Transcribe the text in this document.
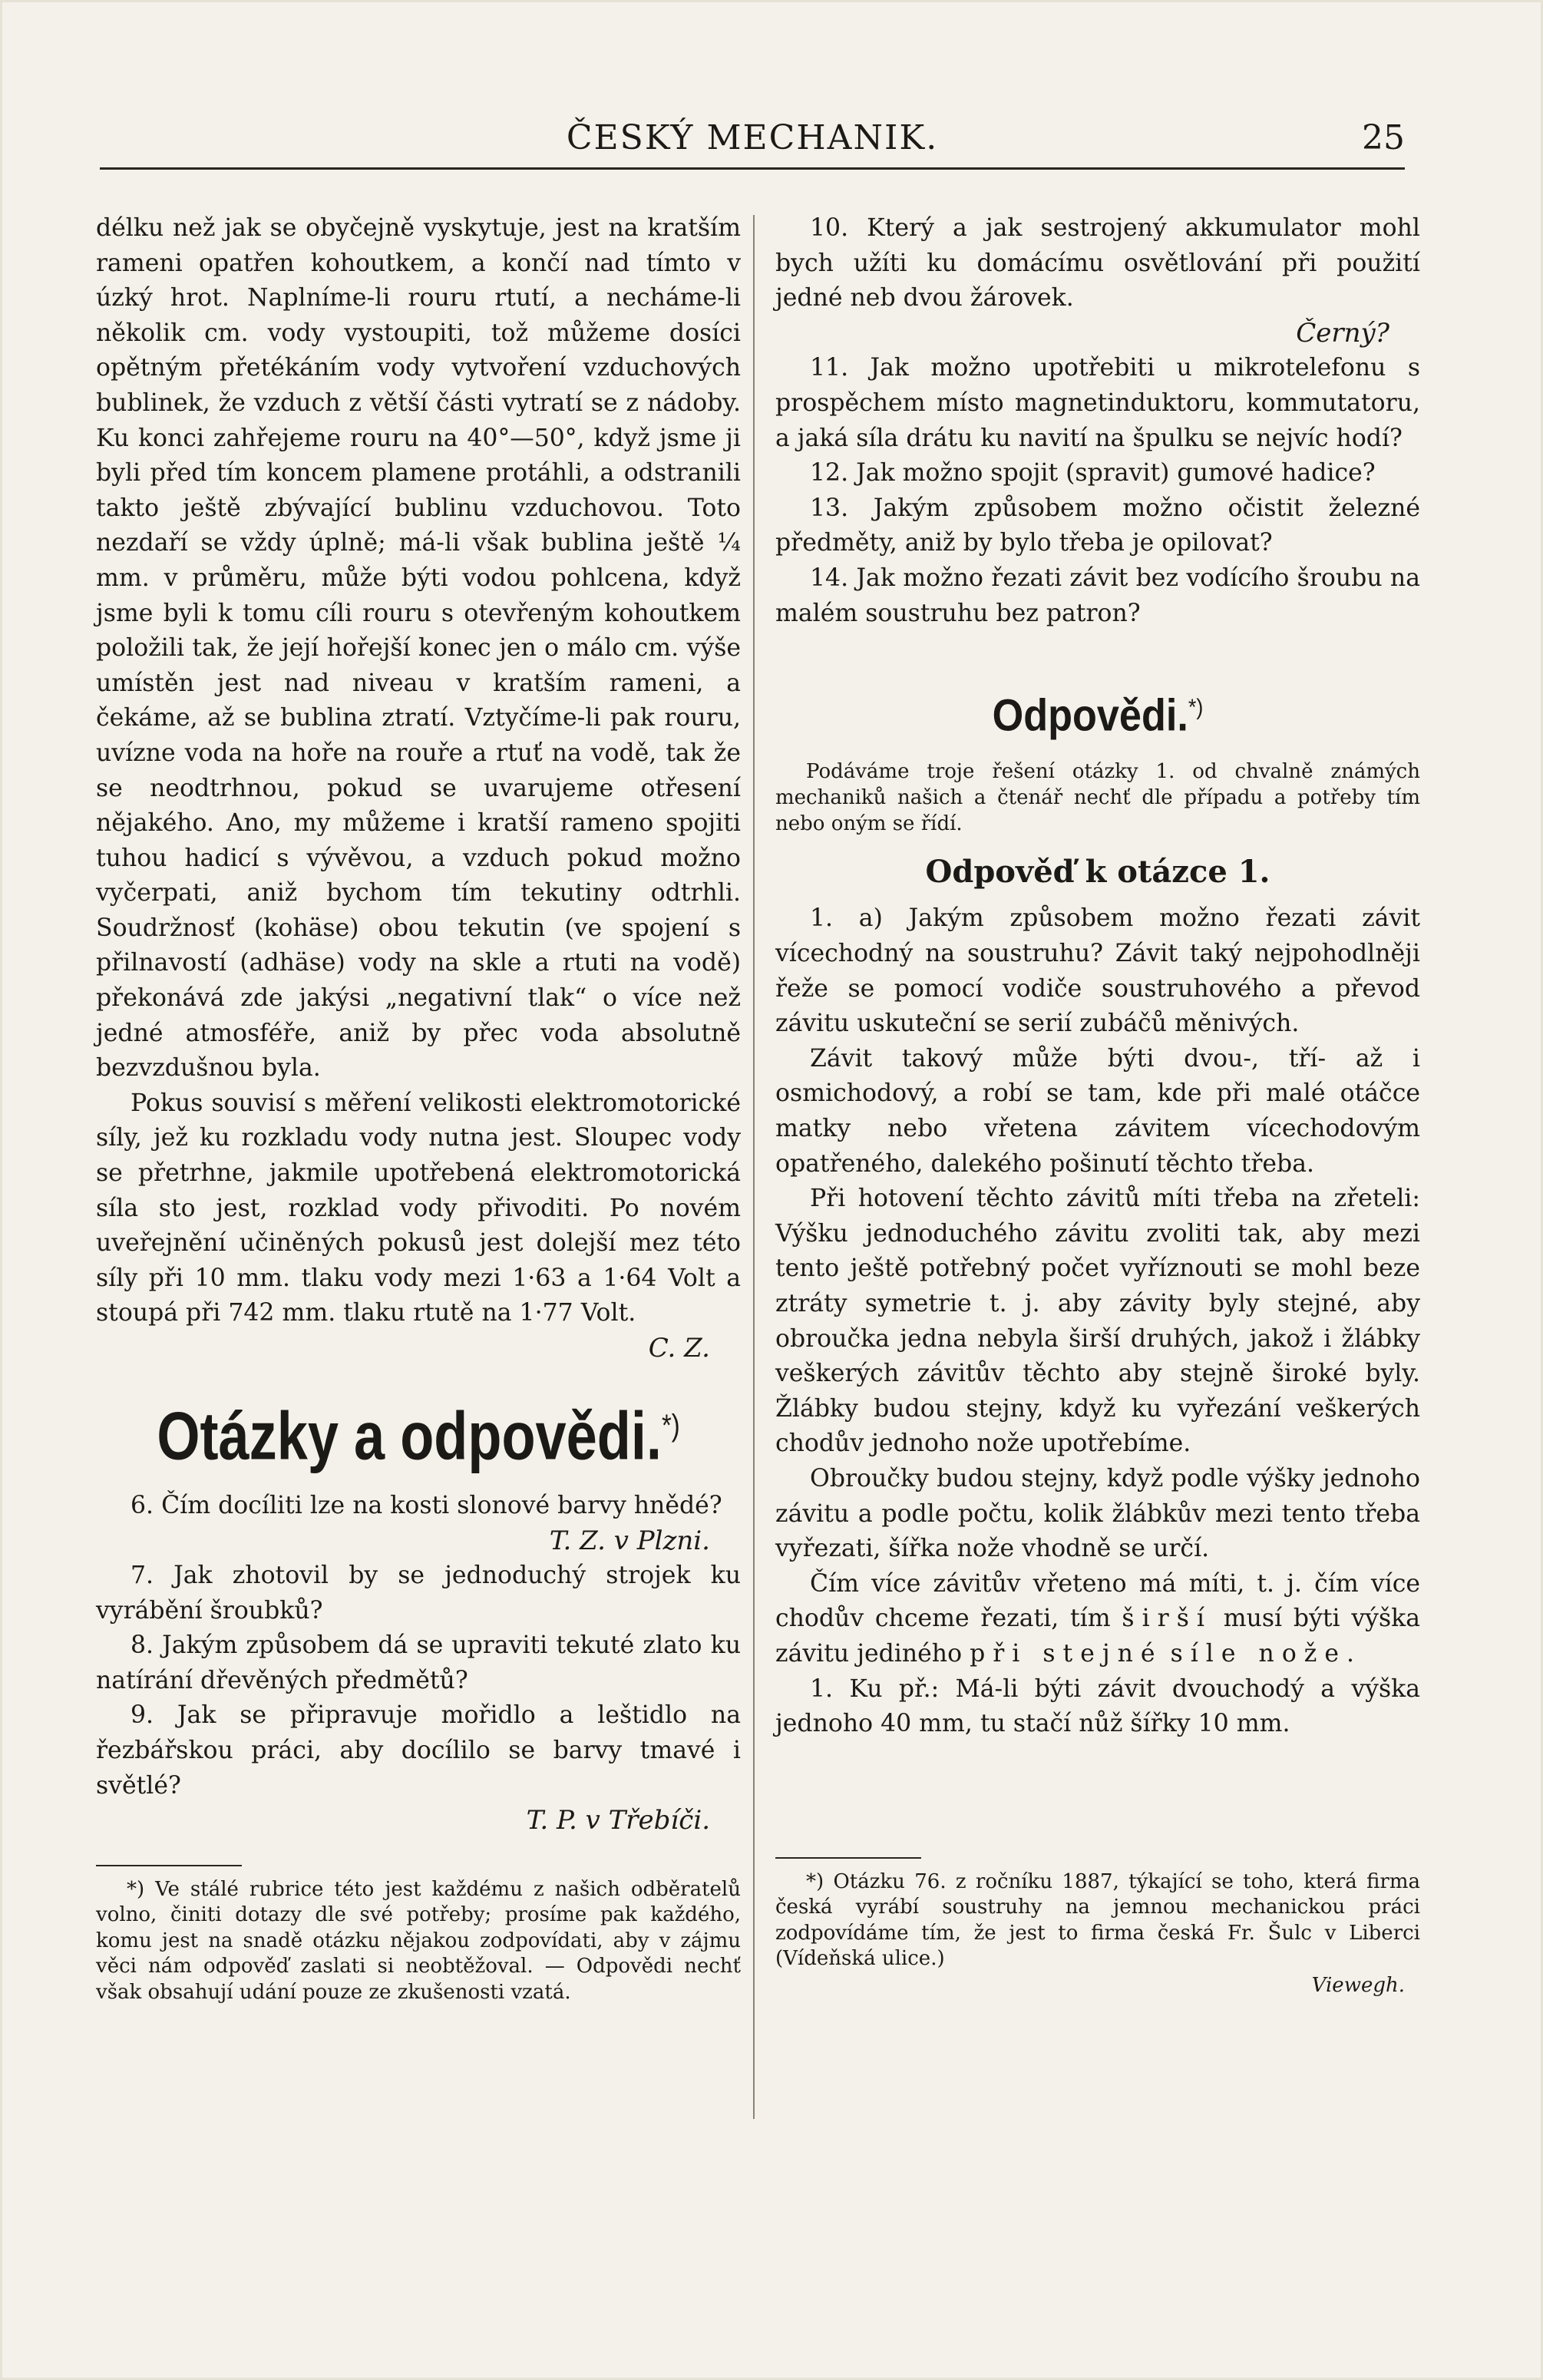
ČESKÝ MECHANIK.	25

délku než jak se obyčejně vyskytuje, jest na kratším rameni opatřen kohoutkem, a končí nad tímto v úzký hrot. Naplníme-li rouru rtutí, a necháme-li několik cm. vody vystoupiti, tož můžeme dosíci opětným přetékáním vody vytvoření vzduchových bublinek, že vzduch z větší části vytratí se z nádoby. Ku konci zahřejeme rouru na 40°—50°, když jsme ji byli před tím koncem plamene protáhli, a odstranili takto ještě zbývající bublinu vzduchovou. Toto nezdaří se vždy úplně; má-li však bublina ještě ¼ mm. v průměru, může býti vodou pohlcena, když jsme byli k tomu cíli rouru s otevřeným kohoutkem položili tak, že její hořejší konec jen o málo cm. výše umístěn jest nad niveau v kratším rameni, a čekáme, až se bublina ztratí. Vztyčíme-li pak rouru, uvízne voda na hoře na rouře a rtuť na vodě, tak že se neodtrhnou, pokud se uvarujeme otřesení nějakého. Ano, my můžeme i kratší rameno spojiti tuhou hadicí s vývěvou, a vzduch pokud možno vyčerpati, aniž bychom tím tekutiny odtrhli. Soudržnosť (kohäse) obou tekutin (ve spojení s přilnavostí (adhäse) vody na skle a rtuti na vodě) překonává zde jakýsi „negativní tlak“ o více než jedné atmosféře, aniž by přec voda absolutně bezvzdušnou byla.

Pokus souvisí s měření velikosti elektromotorické síly, jež ku rozkladu vody nutna jest. Sloupec vody se přetrhne, jakmile upotřebená elektromotorická síla sto jest, rozklad vody přivoditi. Po novém uveřejnění učiněných pokusů jest dolejší mez této síly při 10 mm. tlaku vody mezi 1·63 a 1·64 Volt a stoupá při 742 mm. tlaku rtutě na 1·77 Volt.

C. Z.

Otázky a odpovědi.*)

6. Čím docíliti lze na kosti slonové barvy hnědé?

T. Z. v Plzni.

7. Jak zhotovil by se jednoduchý strojek ku vyrábění šroubků?

8. Jakým způsobem dá se upraviti tekuté zlato ku natírání dřevěných předmětů?

9. Jak se připravuje mořidlo a leštidlo na řezbářskou práci, aby docílilo se barvy tmavé i světlé?

T. P. v Třebíči.

*) Ve stálé rubrice této jest každému z našich odběratelů volno, činiti dotazy dle své potřeby; prosíme pak každého, komu jest na snadě otázku nějakou zodpovídati, aby v zájmu věci nám odpověď zaslati si neobtěžoval. — Odpovědi nechť však obsahují udání pouze ze zkušenosti vzatá.

10. Který a jak sestrojený akkumulator mohl bych užíti ku domácímu osvětlování při použití jedné neb dvou žárovek.

Černý?

11. Jak možno upotřebiti u mikrotelefonu s prospěchem místo magnetinduktoru, kommutatoru, a jaká síla drátu ku navití na špulku se nejvíc hodí?

12. Jak možno spojit (spravit) gumové hadice?

13. Jakým způsobem možno očistit železné předměty, aniž by bylo třeba je opilovat?

14. Jak možno řezati závit bez vodícího šroubu na malém soustruhu bez patron?

Odpovědi.*)

Podáváme troje řešení otázky 1. od chvalně známých mechaniků našich a čtenář nechť dle případu a potřeby tím nebo oným se řídí.

Odpověď k otázce 1.

1. a) Jakým způsobem možno řezati závit vícechodný na soustruhu? Závit taký nejpohodlněji řeže se pomocí vodiče soustruhového a převod závitu uskuteční se serií zubáčů měnivých.

Závit takový může býti dvou-, tří- až i osmichodový, a robí se tam, kde při malé otáčce matky nebo vřetena závitem vícechodovým opatřeného, dalekého pošinutí těchto třeba.

Při hotovení těchto závitů míti třeba na zřeteli: Výšku jednoduchého závitu zvoliti tak, aby mezi tento ještě potřebný počet vyříznouti se mohl beze ztráty symetrie t. j. aby závity byly stejné, aby obroučka jedna nebyla širší druhých, jakož i žlábky veškerých závitův těchto aby stejně široké byly. Žlábky budou stejny, když ku vyřezání veškerých chodův jednoho nože upotřebíme.

Obroučky budou stejny, když podle výšky jednoho závitu a podle počtu, kolik žlábkův mezi tento třeba vyřezati, šířka nože vhodně se určí.

Čím více závitův vřeteno má míti, t. j. čím více chodův chceme řezati, tím širší musí býti výška závitu jediného při stejné síle nože.

1. Ku př.: Má-li býti závit dvouchodý a výška jednoho 40 mm, tu stačí nůž šířky 10 mm.

*) Otázku 76. z ročníku 1887, týkající se toho, která firma česká vyrábí soustruhy na jemnou mechanickou práci zodpovídáme tím, že jest to firma česká Fr. Šulc v Liberci (Vídeňská ulice.)

Viewegh.
